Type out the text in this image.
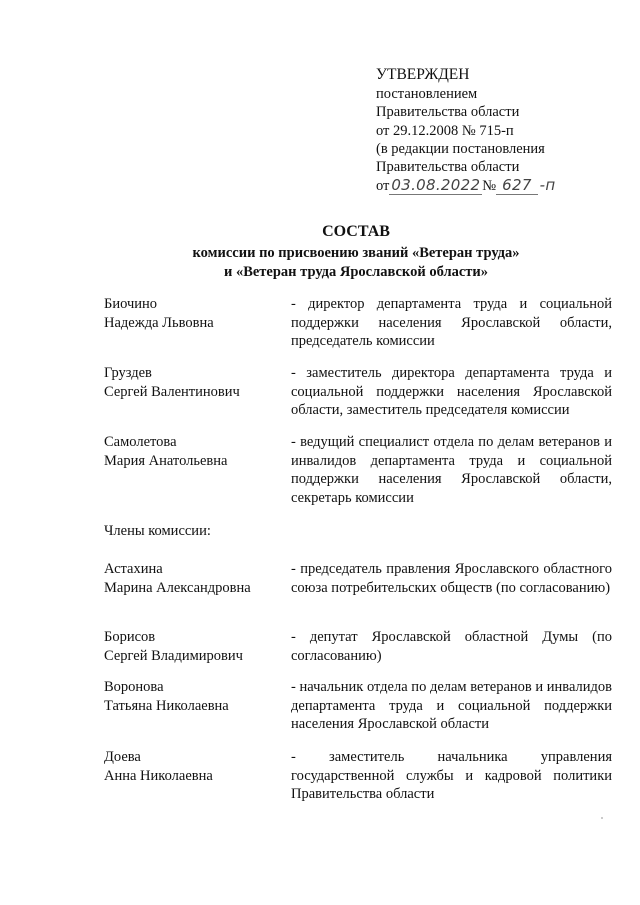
УТВЕРЖДЕН
постановлением
Правительства области
от 29.12.2008 № 715-п
(в редакции постановления
Правительства области
от 03.08.2022 № 627 -п
СОСТАВ
комиссии по присвоению званий «Ветеран труда»
и «Ветеран труда Ярославской области»
Биочино
Надежда Львовна
- директор департамента труда и социальной поддержки населения Ярославской области, председатель комиссии
Груздев
Сергей Валентинович
- заместитель директора департамента труда и социальной поддержки населения Ярославской области, заместитель председателя комиссии
Самолетова
Мария Анатольевна
- ведущий специалист отдела по делам ветеранов и инвалидов департамента труда и социальной поддержки населения Ярославской области, секретарь комиссии
Члены комиссии:
Астахина
Марина Александровна
- председатель правления Ярославского областного союза потребительских обществ (по согласованию)
Борисов
Сергей Владимирович
- депутат Ярославской областной Думы (по согласованию)
Воронова
Татьяна Николаевна
- начальник отдела по делам ветеранов и инвалидов департамента труда и социальной поддержки населения Ярославской области
Доева
Анна Николаевна
- заместитель начальника управления государственной службы и кадровой политики Правительства области
